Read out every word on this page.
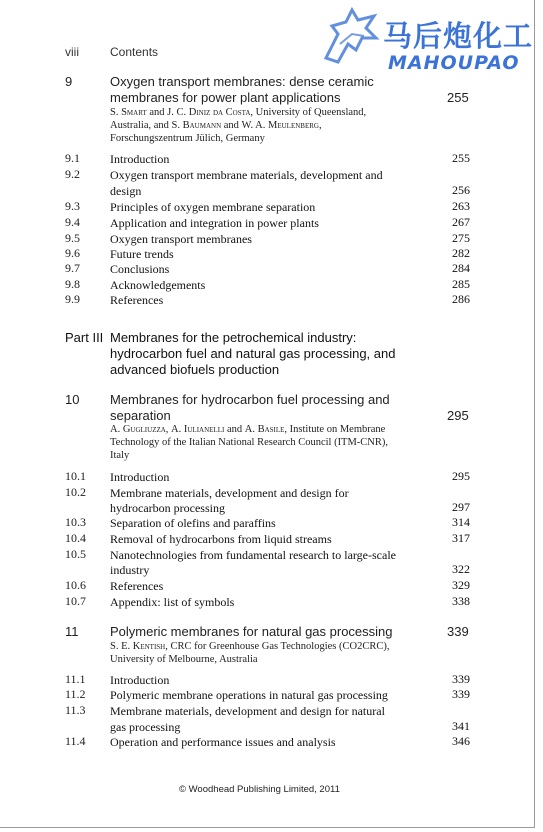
马后炮化工
MAHOUPAO
viii	Contents
9	Oxygen transport membranes: dense ceramic
membranes for power plant applications	255
S. Smart and J. C. Diniz da Costa, University of Queensland,
Australia, and S. Baumann and W. A. Meulenberg,
Forschungszentrum Jülich, Germany
9.1	Introduction	255
9.2	Oxygen transport membrane materials, development and
design	256
9.3	Principles of oxygen membrane separation	263
9.4	Application and integration in power plants	267
9.5	Oxygen transport membranes	275
9.6	Future trends	282
9.7	Conclusions	284
9.8	Acknowledgements	285
9.9	References	286
Part III Membranes for the petrochemical industry:
hydrocarbon fuel and natural gas processing, and
advanced biofuels production
10 Membranes for hydrocarbon fuel processing and
separation	295
A. Gugliuzza, A. Iulianelli and A. Basile, Institute on Membrane
Technology of the Italian National Research Council (ITM-CNR),
Italy
10.1 Introduction	295
10.2 Membrane materials, development and design for
hydrocarbon processing	297
10.3 Separation of olefins and paraffins	314
10.4 Removal of hydrocarbons from liquid streams	317
10.5 Nanotechnologies from fundamental research to large-scale
industry	322
10.6 References	329
10.7 Appendix: list of symbols	338
11 Polymeric membranes for natural gas processing	339
S. E. Kentish, CRC for Greenhouse Gas Technologies (CO2CRC),
University of Melbourne, Australia
11.1 Introduction	339
11.2 Polymeric membrane operations in natural gas processing	339
11.3 Membrane materials, development and design for natural
gas processing	341
11.4 Operation and performance issues and analysis	346
© Woodhead Publishing Limited, 2011
